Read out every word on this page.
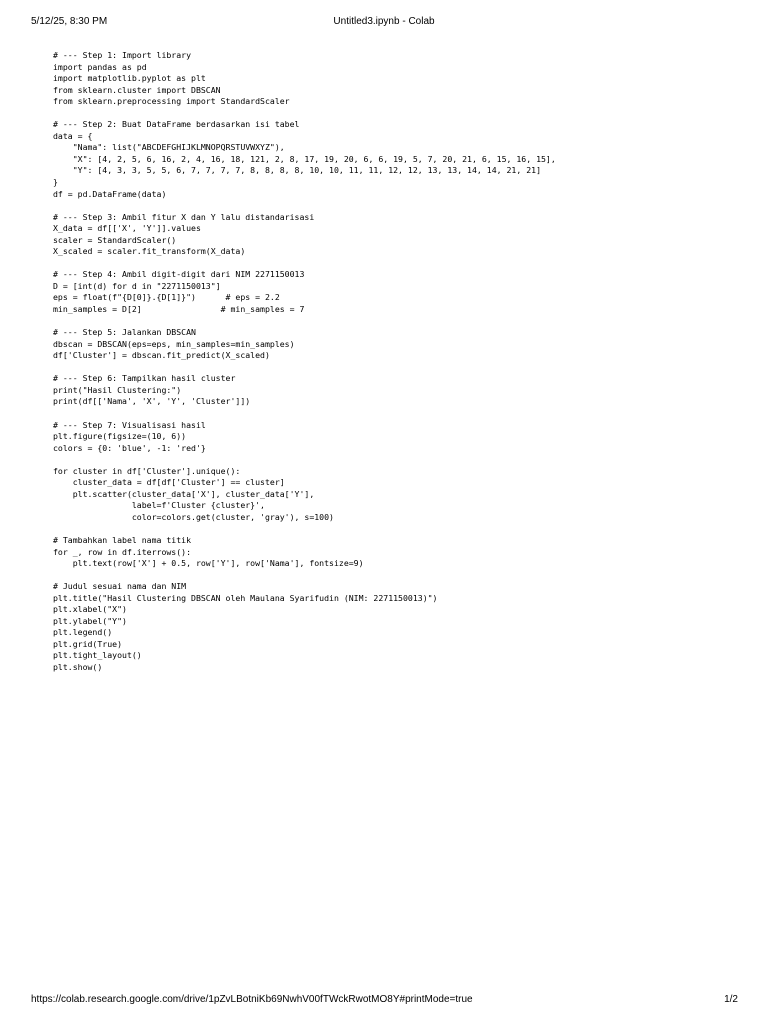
5/12/25, 8:30 PM	Untitled3.ipynb - Colab
# --- Step 1: Import library
import pandas as pd
import matplotlib.pyplot as plt
from sklearn.cluster import DBSCAN
from sklearn.preprocessing import StandardScaler
# --- Step 2: Buat DataFrame berdasarkan isi tabel
data = {
"Nama": list("ABCDEFGHIJKLMNOPQRSTUVWXYZ"),
"X": [4, 2, 5, 6, 16, 2, 4, 16, 18, 121, 2, 8, 17, 19, 20, 6, 6, 19, 5, 7, 20, 21, 6, 15, 16, 15],
"Y": [4, 3, 3, 5, 5, 6, 7, 7, 7, 7, 8, 8, 8, 8, 10, 10, 11, 11, 12, 12, 13, 13, 14, 14, 21, 21]
}
df = pd.DataFrame(data)
# --- Step 3: Ambil fitur X dan Y lalu distandarisasi
X_data = df[['X', 'Y']].values
scaler = StandardScaler()
X_scaled = scaler.fit_transform(X_data)
# --- Step 4: Ambil digit-digit dari NIM 2271150013
D = [int(d) for d in "2271150013"]
eps = float(f"{D[0]}.{D[1]}")      # eps = 2.2
min_samples = D[2]                # min_samples = 7
# --- Step 5: Jalankan DBSCAN
dbscan = DBSCAN(eps=eps, min_samples=min_samples)
df['Cluster'] = dbscan.fit_predict(X_scaled)
# --- Step 6: Tampilkan hasil cluster
print("Hasil Clustering:")
print(df[['Nama', 'X', 'Y', 'Cluster']])
# --- Step 7: Visualisasi hasil
plt.figure(figsize=(10, 6))
colors = {0: 'blue', -1: 'red'}
for cluster in df['Cluster'].unique():
cluster_data = df[df['Cluster'] == cluster]
plt.scatter(cluster_data['X'], cluster_data['Y'],
label=f'Cluster {cluster}',
color=colors.get(cluster, 'gray'), s=100)
# Tambahkan label nama titik
for _, row in df.iterrows():
plt.text(row['X'] + 0.5, row['Y'], row['Nama'], fontsize=9)
# Judul sesuai nama dan NIM
plt.title("Hasil Clustering DBSCAN oleh Maulana Syarifudin (NIM: 2271150013)")
plt.xlabel("X")
plt.ylabel("Y")
plt.legend()
plt.grid(True)
plt.tight_layout()
plt.show()
https://colab.research.google.com/drive/1pZvLBotniKb69NwhV00fTWckRwotMO8Y#printMode=true	1/2
